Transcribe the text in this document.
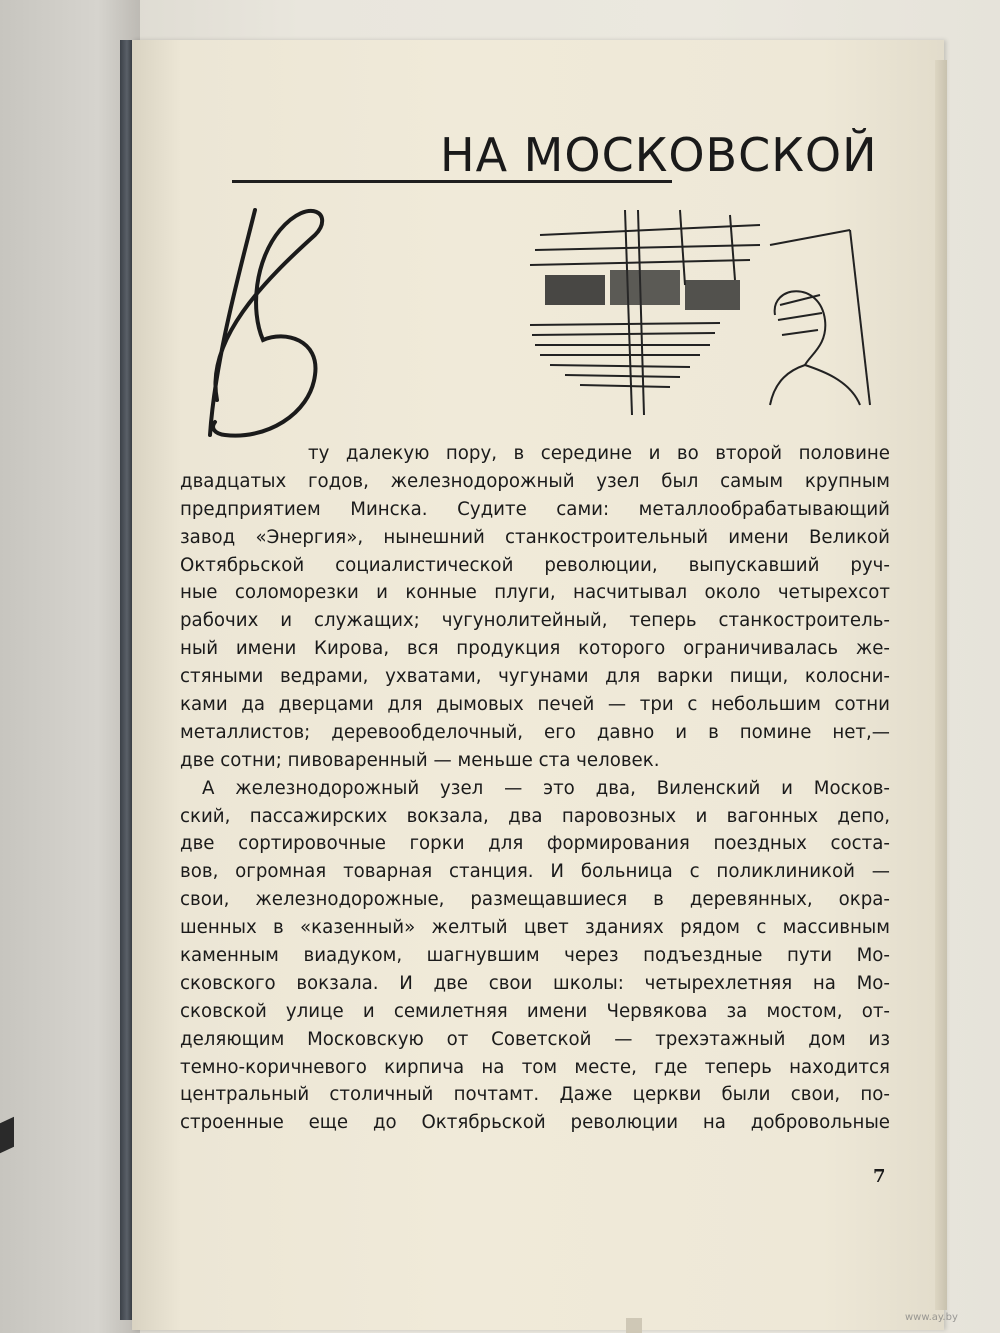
НА МОСКОВСКОЙ
ту далекую пору, в середине и во второй половине
двадцатых годов, железнодорожный узел был самым крупным
предприятием Минска. Судите сами: металлообрабатывающий
завод «Энергия», нынешний станкостроительный имени Великой
Октябрьской социалистической революции, выпускавший руч-
ные соломорезки и конные плуги, насчитывал около четырехсот
рабочих и служащих; чугунолитейный, теперь станкостроитель-
ный имени Кирова, вся продукция которого ограничивалась же-
стяными ведрами, ухватами, чугунами для варки пищи, колосни-
ками да дверцами для дымовых печей — три с небольшим сотни
металлистов; деревообделочный, его давно и в помине нет,—
две сотни; пивоваренный — меньше ста человек.
А железнодорожный узел — это два, Виленский и Москов-
ский, пассажирских вокзала, два паровозных и вагонных депо,
две сортировочные горки для формирования поездных соста-
вов, огромная товарная станция. И больница с поликлиникой —
свои, железнодорожные, размещавшиеся в деревянных, окра-
шенных в «казенный» желтый цвет зданиях рядом с массивным
каменным виадуком, шагнувшим через подъездные пути Мо-
сковского вокзала. И две свои школы: четырехлетняя на Мо-
сковской улице и семилетняя имени Червякова за мостом, от-
деляющим Московскую от Советской — трехэтажный дом из
темно-коричневого кирпича на том месте, где теперь находится
центральный столичный почтамт. Даже церкви были свои, по-
строенные еще до Октябрьской революции на добровольные
7
www.ay.by
